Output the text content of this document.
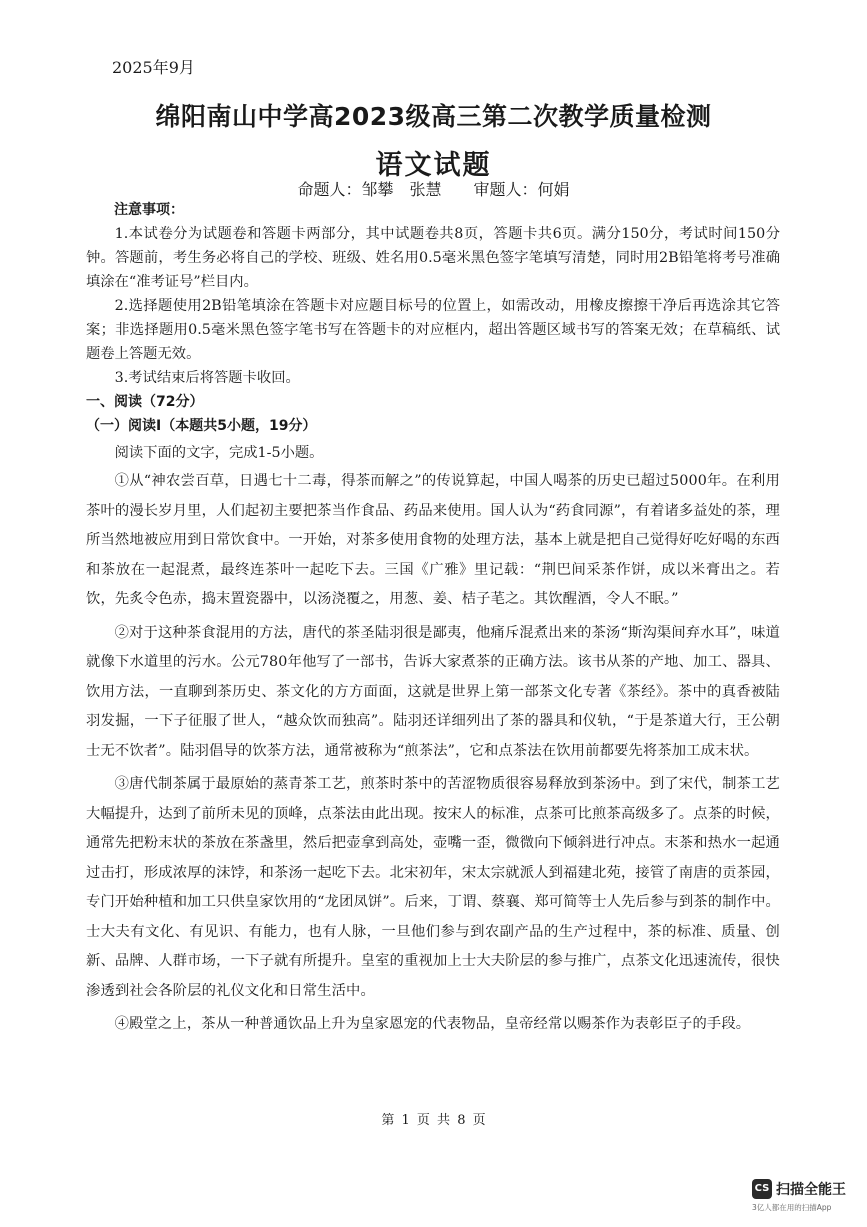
2025年9月
绵阳南山中学高2023级高三第二次教学质量检测
语文试题
命题人：邹攀　张慧　　审题人：何娟

注意事项：

1.本试卷分为试题卷和答题卡两部分，其中试题卷共8页，答题卡共6页。满分150分，考试时间150分钟。答题前，考生务必将自己的学校、班级、姓名用0.5毫米黑色签字笔填写清楚，同时用2B铅笔将考号准确填涂在“准考证号”栏目内。

2.选择题使用2B铅笔填涂在答题卡对应题目标号的位置上，如需改动，用橡皮擦擦干净后再选涂其它答案；非选择题用0.5毫米黑色签字笔书写在答题卡的对应框内，超出答题区域书写的答案无效；在草稿纸、试题卷上答题无效。

3.考试结束后将答题卡收回。

一、阅读（72分）

（一）阅读Ⅰ（本题共5小题，19分）

阅读下面的文字，完成1-5小题。

①从“神农尝百草，日遇七十二毒，得茶而解之”的传说算起，中国人喝茶的历史已超过5000年。在利用茶叶的漫长岁月里，人们起初主要把茶当作食品、药品来使用。国人认为“药食同源”，有着诸多益处的茶，理所当然地被应用到日常饮食中。一开始，对茶多使用食物的处理方法，基本上就是把自己觉得好吃好喝的东西和茶放在一起混煮，最终连茶叶一起吃下去。三国《广雅》里记载：“荆巴间采茶作饼，成以米膏出之。若饮，先炙令色赤，捣末置瓷器中，以汤浇覆之，用葱、姜、桔子芼之。其饮醒酒，令人不眠。”

②对于这种茶食混用的方法，唐代的茶圣陆羽很是鄙夷，他痛斥混煮出来的茶汤“斯沟渠间弃水耳”，味道就像下水道里的污水。公元780年他写了一部书，告诉大家煮茶的正确方法。该书从茶的产地、加工、器具、饮用方法，一直聊到茶历史、茶文化的方方面面，这就是世界上第一部茶文化专著《茶经》。茶中的真香被陆羽发掘，一下子征服了世人，“越众饮而独高”。陆羽还详细列出了茶的器具和仪轨，“于是茶道大行，王公朝士无不饮者”。陆羽倡导的饮茶方法，通常被称为“煎茶法”，它和点茶法在饮用前都要先将茶加工成末状。

③唐代制茶属于最原始的蒸青茶工艺，煎茶时茶中的苦涩物质很容易释放到茶汤中。到了宋代，制茶工艺大幅提升，达到了前所未见的顶峰，点茶法由此出现。按宋人的标准，点茶可比煎茶高级多了。点茶的时候，通常先把粉末状的茶放在茶盏里，然后把壶拿到高处，壶嘴一歪，微微向下倾斜进行冲点。末茶和热水一起通过击打，形成浓厚的沫饽，和茶汤一起吃下去。北宋初年，宋太宗就派人到福建北苑，接管了南唐的贡茶园，专门开始种植和加工只供皇家饮用的“龙团凤饼”。后来，丁谓、蔡襄、郑可简等士人先后参与到茶的制作中。士大夫有文化、有见识、有能力，也有人脉，一旦他们参与到农副产品的生产过程中，茶的标准、质量、创新、品牌、人群市场，一下子就有所提升。皇室的重视加上士大夫阶层的参与推广，点茶文化迅速流传，很快渗透到社会各阶层的礼仪文化和日常生活中。

④殿堂之上，茶从一种普通饮品上升为皇家恩宠的代表物品，皇帝经常以赐茶作为表彰臣子的手段。

第 1 页 共 8 页
CS 扫描全能王
3亿人都在用的扫描App
